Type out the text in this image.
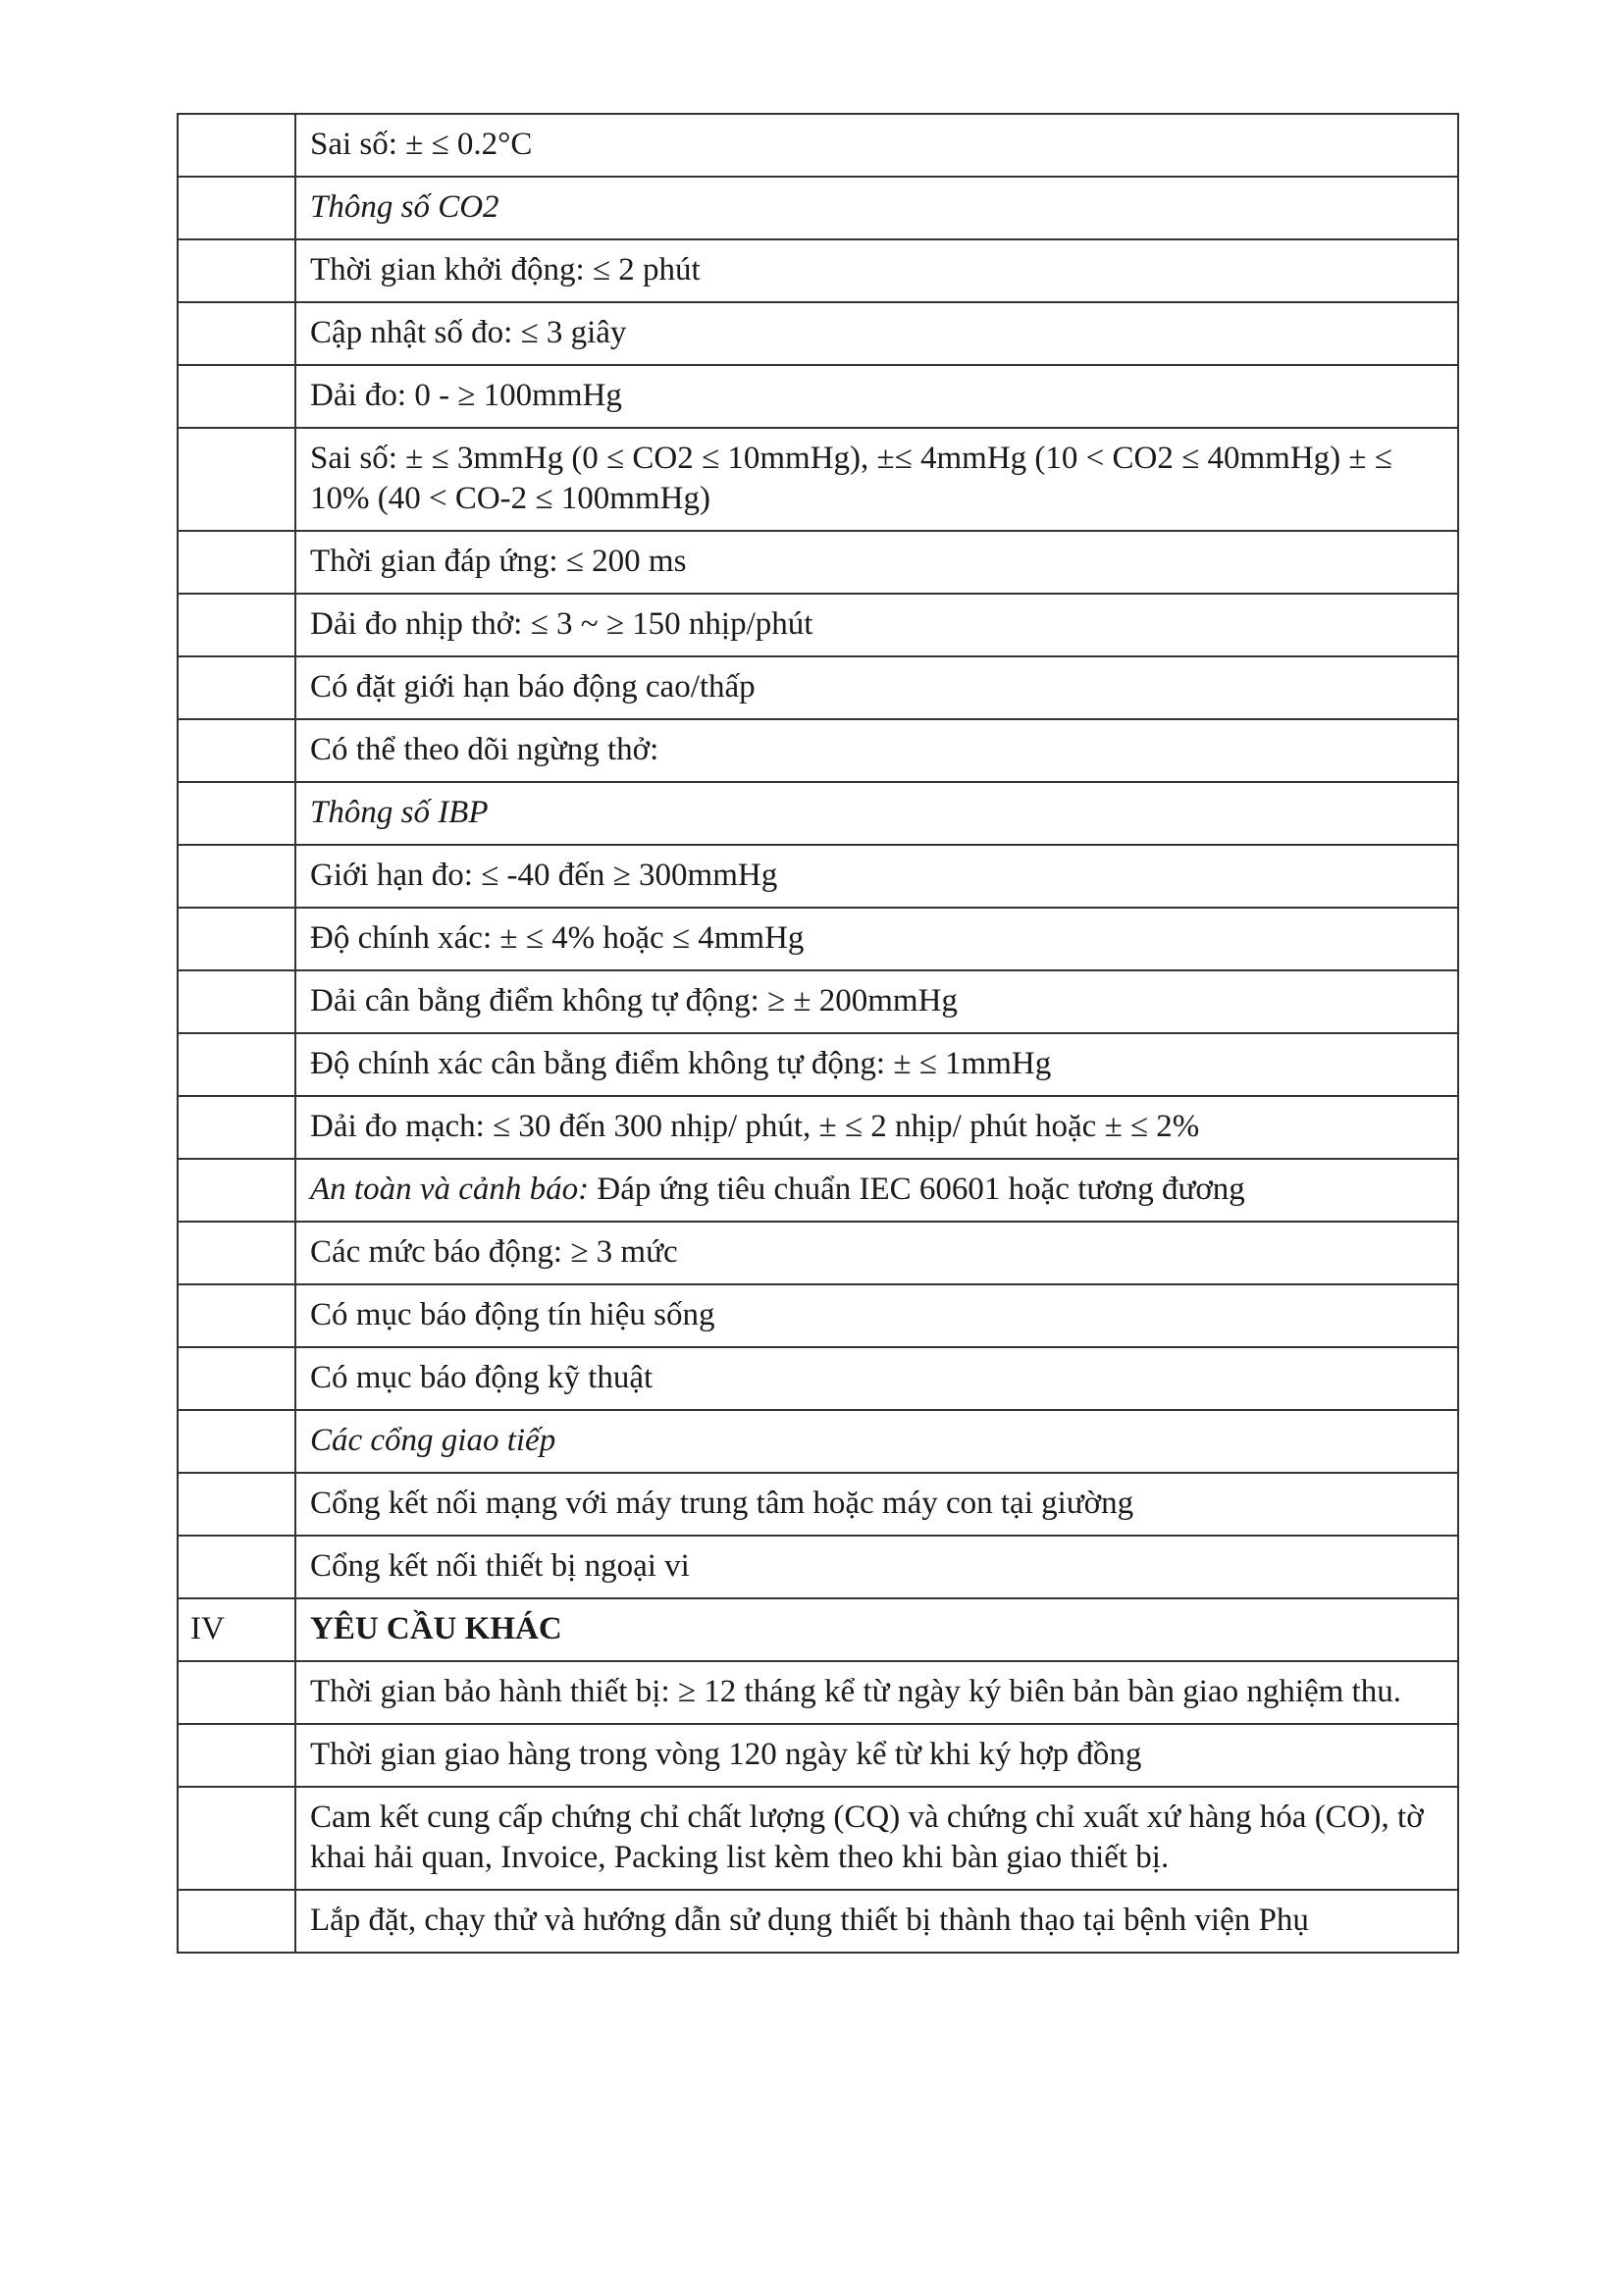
	Sai số: ± ≤ 0.2°C
	Thông số CO2
	Thời gian khởi động: ≤ 2 phút
	Cập nhật số đo: ≤ 3 giây
	Dải đo: 0 - ≥ 100mmHg
	Sai số: ± ≤ 3mmHg (0 ≤ CO2 ≤ 10mmHg), ±≤ 4mmHg (10 < CO2 ≤ 40mmHg) ± ≤ 10% (40 < CO-2 ≤ 100mmHg)
	Thời gian đáp ứng: ≤ 200 ms
	Dải đo nhịp thở: ≤ 3 ~ ≥ 150 nhịp/phút
	Có đặt giới hạn báo động cao/thấp
	Có thể theo dõi ngừng thở:
	Thông số IBP
	Giới hạn đo: ≤ -40 đến ≥ 300mmHg
	Độ chính xác: ± ≤ 4% hoặc ≤ 4mmHg
	Dải cân bằng điểm không tự động: ≥ ± 200mmHg
	Độ chính xác cân bằng điểm không tự động: ± ≤ 1mmHg
	Dải đo mạch: ≤ 30 đến 300 nhịp/ phút, ± ≤ 2 nhịp/ phút hoặc ± ≤ 2%
	An toàn và cảnh báo: Đáp ứng tiêu chuẩn IEC 60601 hoặc tương đương
	Các mức báo động: ≥ 3 mức
	Có mục báo động tín hiệu sống
	Có mục báo động kỹ thuật
	Các cổng giao tiếp
	Cổng kết nối mạng với máy trung tâm hoặc máy con tại giường
	Cổng kết nối thiết bị ngoại vi
IV	YÊU CẦU KHÁC
	Thời gian bảo hành thiết bị: ≥ 12 tháng kể từ ngày ký biên bản bàn giao nghiệm thu.
	Thời gian giao hàng trong vòng 120 ngày kể từ khi ký hợp đồng
	Cam kết cung cấp chứng chỉ chất lượng (CQ) và chứng chỉ xuất xứ hàng hóa (CO), tờ khai hải quan, Invoice, Packing list kèm theo khi bàn giao thiết bị.
	Lắp đặt, chạy thử và hướng dẫn sử dụng thiết bị thành thạo tại bệnh viện Phụ
